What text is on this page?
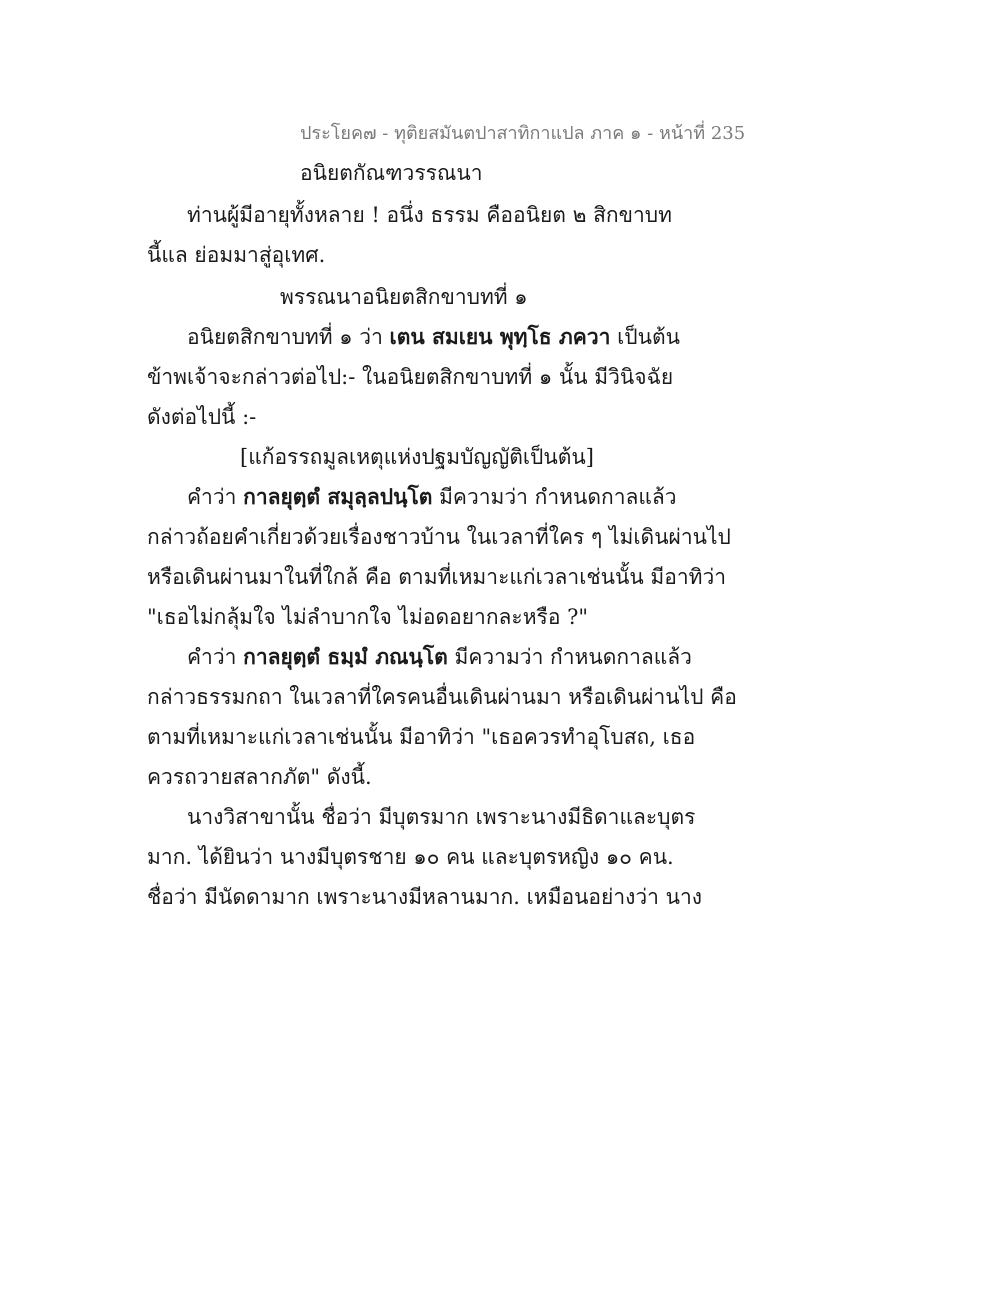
ประโยค๗ - ทุติยสมันตปาสาทิกาแปล ภาค ๑ - หน้าที่ 235
อนิยตกัณฑวรรณนา
ท่านผู้มีอายุทั้งหลาย ! อนึ่ง ธรรม คืออนิยต ๒ สิกขาบท
นี้แล ย่อมมาสู่อุเทศ.
พรรณนาอนิยตสิกขาบทที่ ๑
อนิยตสิกขาบทที่ ๑ ว่า เตน สมเยน พุทฺโธ ภควา เป็นต้น
ข้าพเจ้าจะกล่าวต่อไป:- ในอนิยตสิกขาบทที่ ๑ นั้น มีวินิจฉัย
ดังต่อไปนี้ :-
[แก้อรรถมูลเหตุแห่งปฐมบัญญัติเป็นต้น]
คำว่า กาลยุตฺตํ สมุลฺลปนฺโต มีความว่า กำหนดกาลแล้ว
กล่าวถ้อยคำเกี่ยวด้วยเรื่องชาวบ้าน ในเวลาที่ใคร ๆ ไม่เดินผ่านไป
หรือเดินผ่านมาในที่ใกล้ คือ ตามที่เหมาะแก่เวลาเช่นนั้น มีอาทิว่า
"เธอไม่กลุ้มใจ ไม่ลำบากใจ ไม่อดอยากละหรือ ?"
คำว่า กาลยุตฺตํ ธมฺมํ ภณนฺโต มีความว่า กำหนดกาลแล้ว
กล่าวธรรมกถา ในเวลาที่ใครคนอื่นเดินผ่านมา หรือเดินผ่านไป คือ
ตามที่เหมาะแก่เวลาเช่นนั้น มีอาทิว่า "เธอควรทำอุโบสถ, เธอ
ควรถวายสลากภัต" ดังนี้.
นางวิสาขานั้น ชื่อว่า มีบุตรมาก เพราะนางมีธิดาและบุตร
มาก. ได้ยินว่า นางมีบุตรชาย ๑๐ คน และบุตรหญิง ๑๐ คน.
ชื่อว่า มีนัดดามาก เพราะนางมีหลานมาก. เหมือนอย่างว่า นาง
